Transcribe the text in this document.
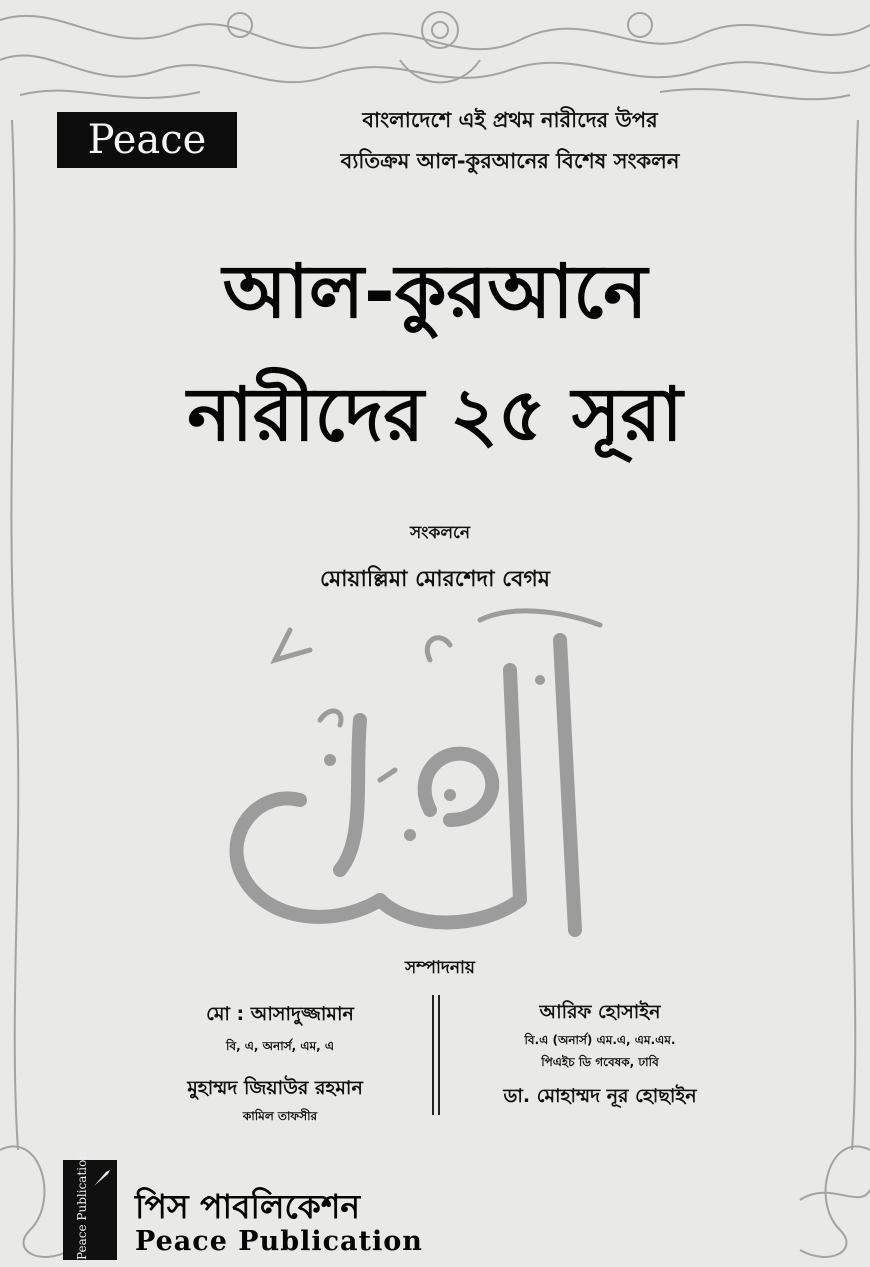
Peace	বাংলাদেশে এই প্রথম নারীদের উপর
ব্যতিক্রম আল-কুরআনের বিশেষ সংকলন
আল-কুরআনে
নারীদের ২৫ সূরা
সংকলনে
মোয়াল্লিমা মোরশেদা বেগম
সম্পাদনায়
মো : আসাদুজ্জামান
বি, এ, অনার্স, এম, এ
মুহাম্মদ জিয়াউর রহমান
কামিল তাফসীর
আরিফ হোসাইন
বি.এ (অনার্স) এম.এ, এম.এম.
পিএইচ ডি গবেষক, ঢাবি
ডা. মোহাম্মদ নূর হোছাইন
Peace Publication পিস পাবলিকেশন
Peace Publication
